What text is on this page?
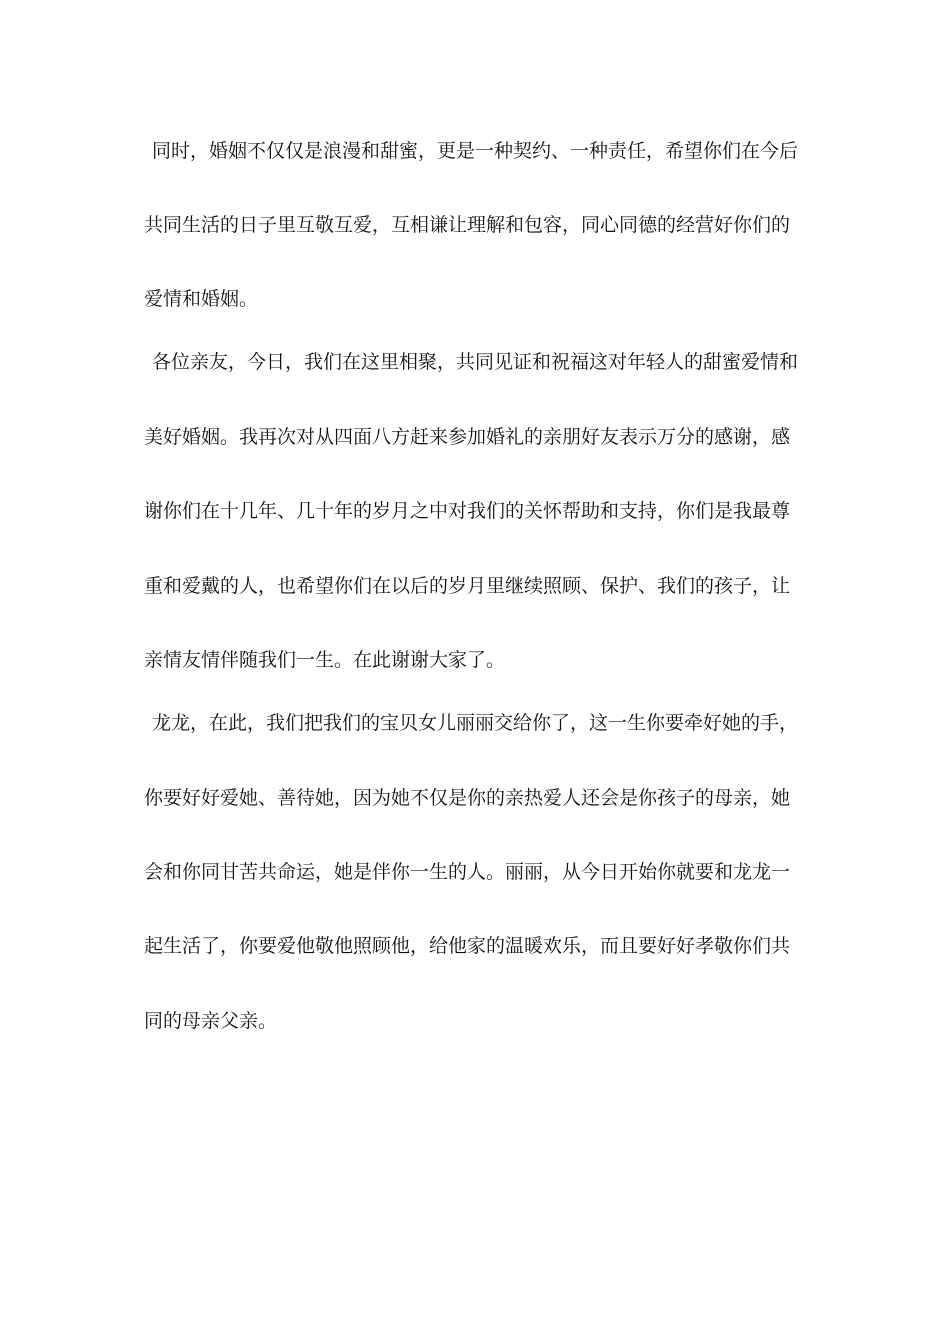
同时，婚姻不仅仅是浪漫和甜蜜，更是一种契约、一种责任，希望你们在今后
共同生活的日子里互敬互爱，互相谦让理解和包容，同心同德的经营好你们的
爱情和婚姻。
各位亲友，今日，我们在这里相聚，共同见证和祝福这对年轻人的甜蜜爱情和
美好婚姻。我再次对从四面八方赶来参加婚礼的亲朋好友表示万分的感谢，感
谢你们在十几年、几十年的岁月之中对我们的关怀帮助和支持，你们是我最尊
重和爱戴的人，也希望你们在以后的岁月里继续照顾、保护、我们的孩子，让
亲情友情伴随我们一生。在此谢谢大家了。
龙龙，在此，我们把我们的宝贝女儿丽丽交给你了，这一生你要牵好她的手，
你要好好爱她、善待她，因为她不仅是你的亲热爱人还会是你孩子的母亲，她
会和你同甘苦共命运，她是伴你一生的人。丽丽，从今日开始你就要和龙龙一
起生活了，你要爱他敬他照顾他，给他家的温暖欢乐，而且要好好孝敬你们共
同的母亲父亲。
